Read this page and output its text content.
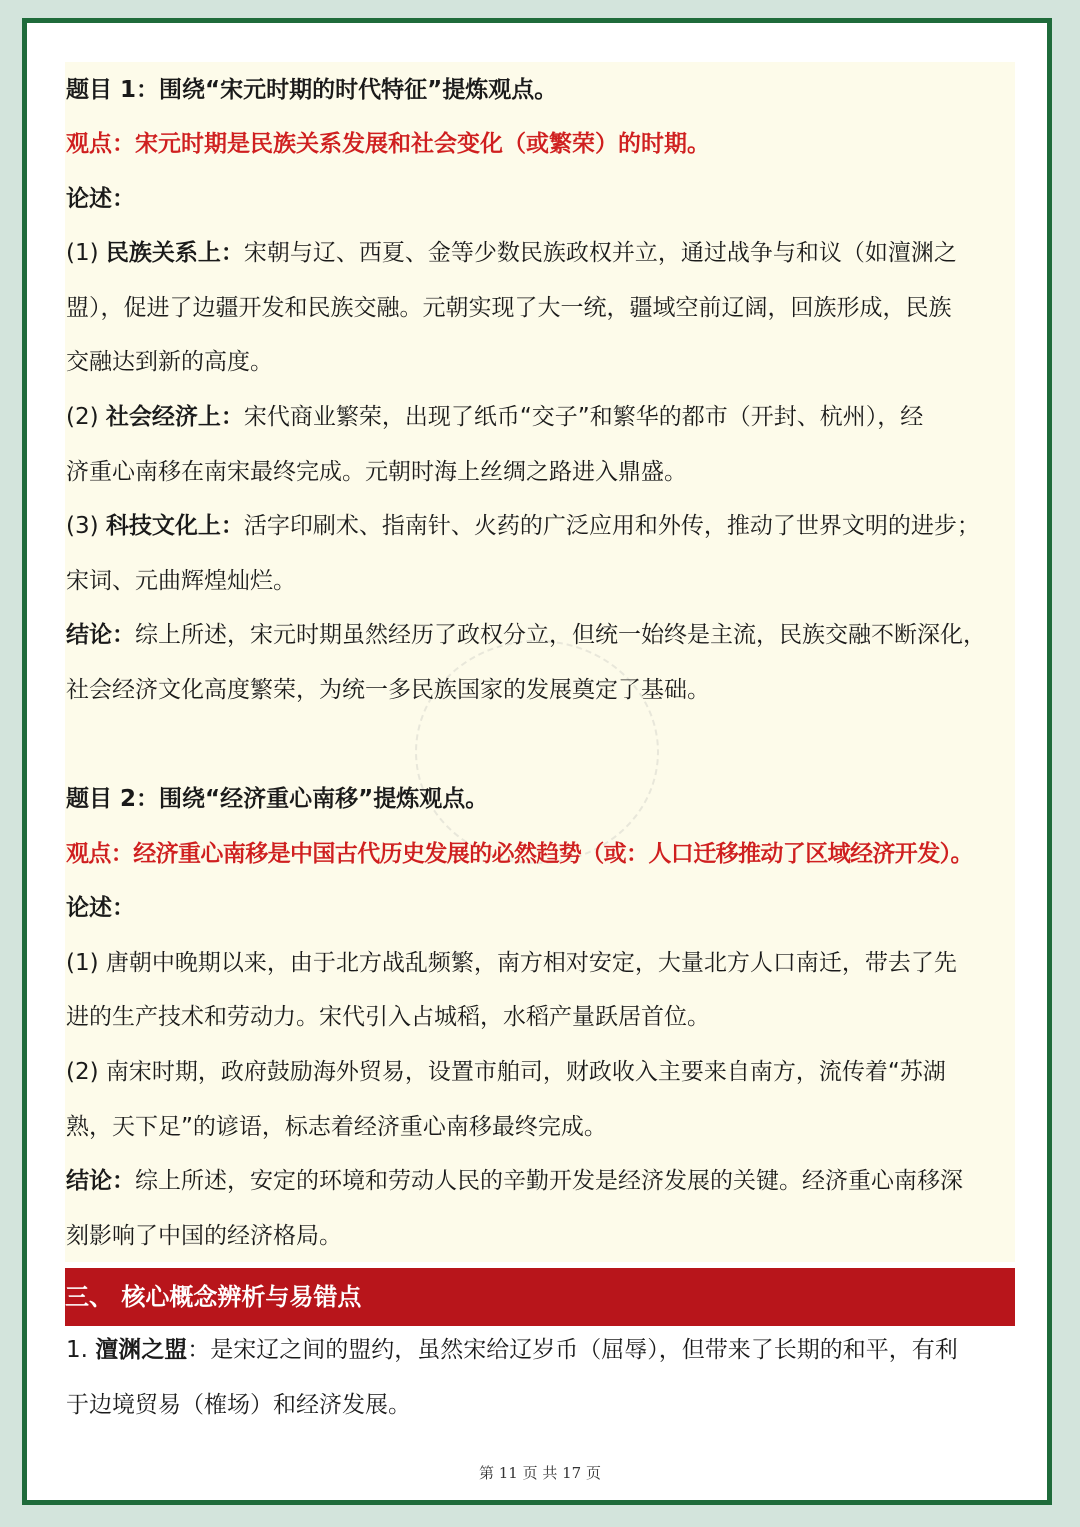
题目 1：围绕“宋元时期的时代特征”提炼观点。
观点：宋元时期是民族关系发展和社会变化（或繁荣）的时期。
论述：
(1) 民族关系上：宋朝与辽、西夏、金等少数民族政权并立，通过战争与和议（如澶渊之
盟），促进了边疆开发和民族交融。元朝实现了大一统，疆域空前辽阔，回族形成，民族
交融达到新的高度。
(2) 社会经济上：宋代商业繁荣，出现了纸币“交子”和繁华的都市（开封、杭州），经
济重心南移在南宋最终完成。元朝时海上丝绸之路进入鼎盛。
(3) 科技文化上：活字印刷术、指南针、火药的广泛应用和外传，推动了世界文明的进步；
宋词、元曲辉煌灿烂。
结论：综上所述，宋元时期虽然经历了政权分立，但统一始终是主流，民族交融不断深化，
社会经济文化高度繁荣，为统一多民族国家的发展奠定了基础。
题目 2：围绕“经济重心南移”提炼观点。
观点：经济重心南移是中国古代历史发展的必然趋势（或：人口迁移推动了区域经济开发）。
论述：
(1) 唐朝中晚期以来，由于北方战乱频繁，南方相对安定，大量北方人口南迁，带去了先
进的生产技术和劳动力。宋代引入占城稻，水稻产量跃居首位。
(2) 南宋时期，政府鼓励海外贸易，设置市舶司，财政收入主要来自南方，流传着“苏湖
熟，天下足”的谚语，标志着经济重心南移最终完成。
结论：综上所述，安定的环境和劳动人民的辛勤开发是经济发展的关键。经济重心南移深
刻影响了中国的经济格局。
三、 核心概念辨析与易错点
1. 澶渊之盟：是宋辽之间的盟约，虽然宋给辽岁币（屈辱），但带来了长期的和平，有利
于边境贸易（榷场）和经济发展。
第 11 页 共 17 页
